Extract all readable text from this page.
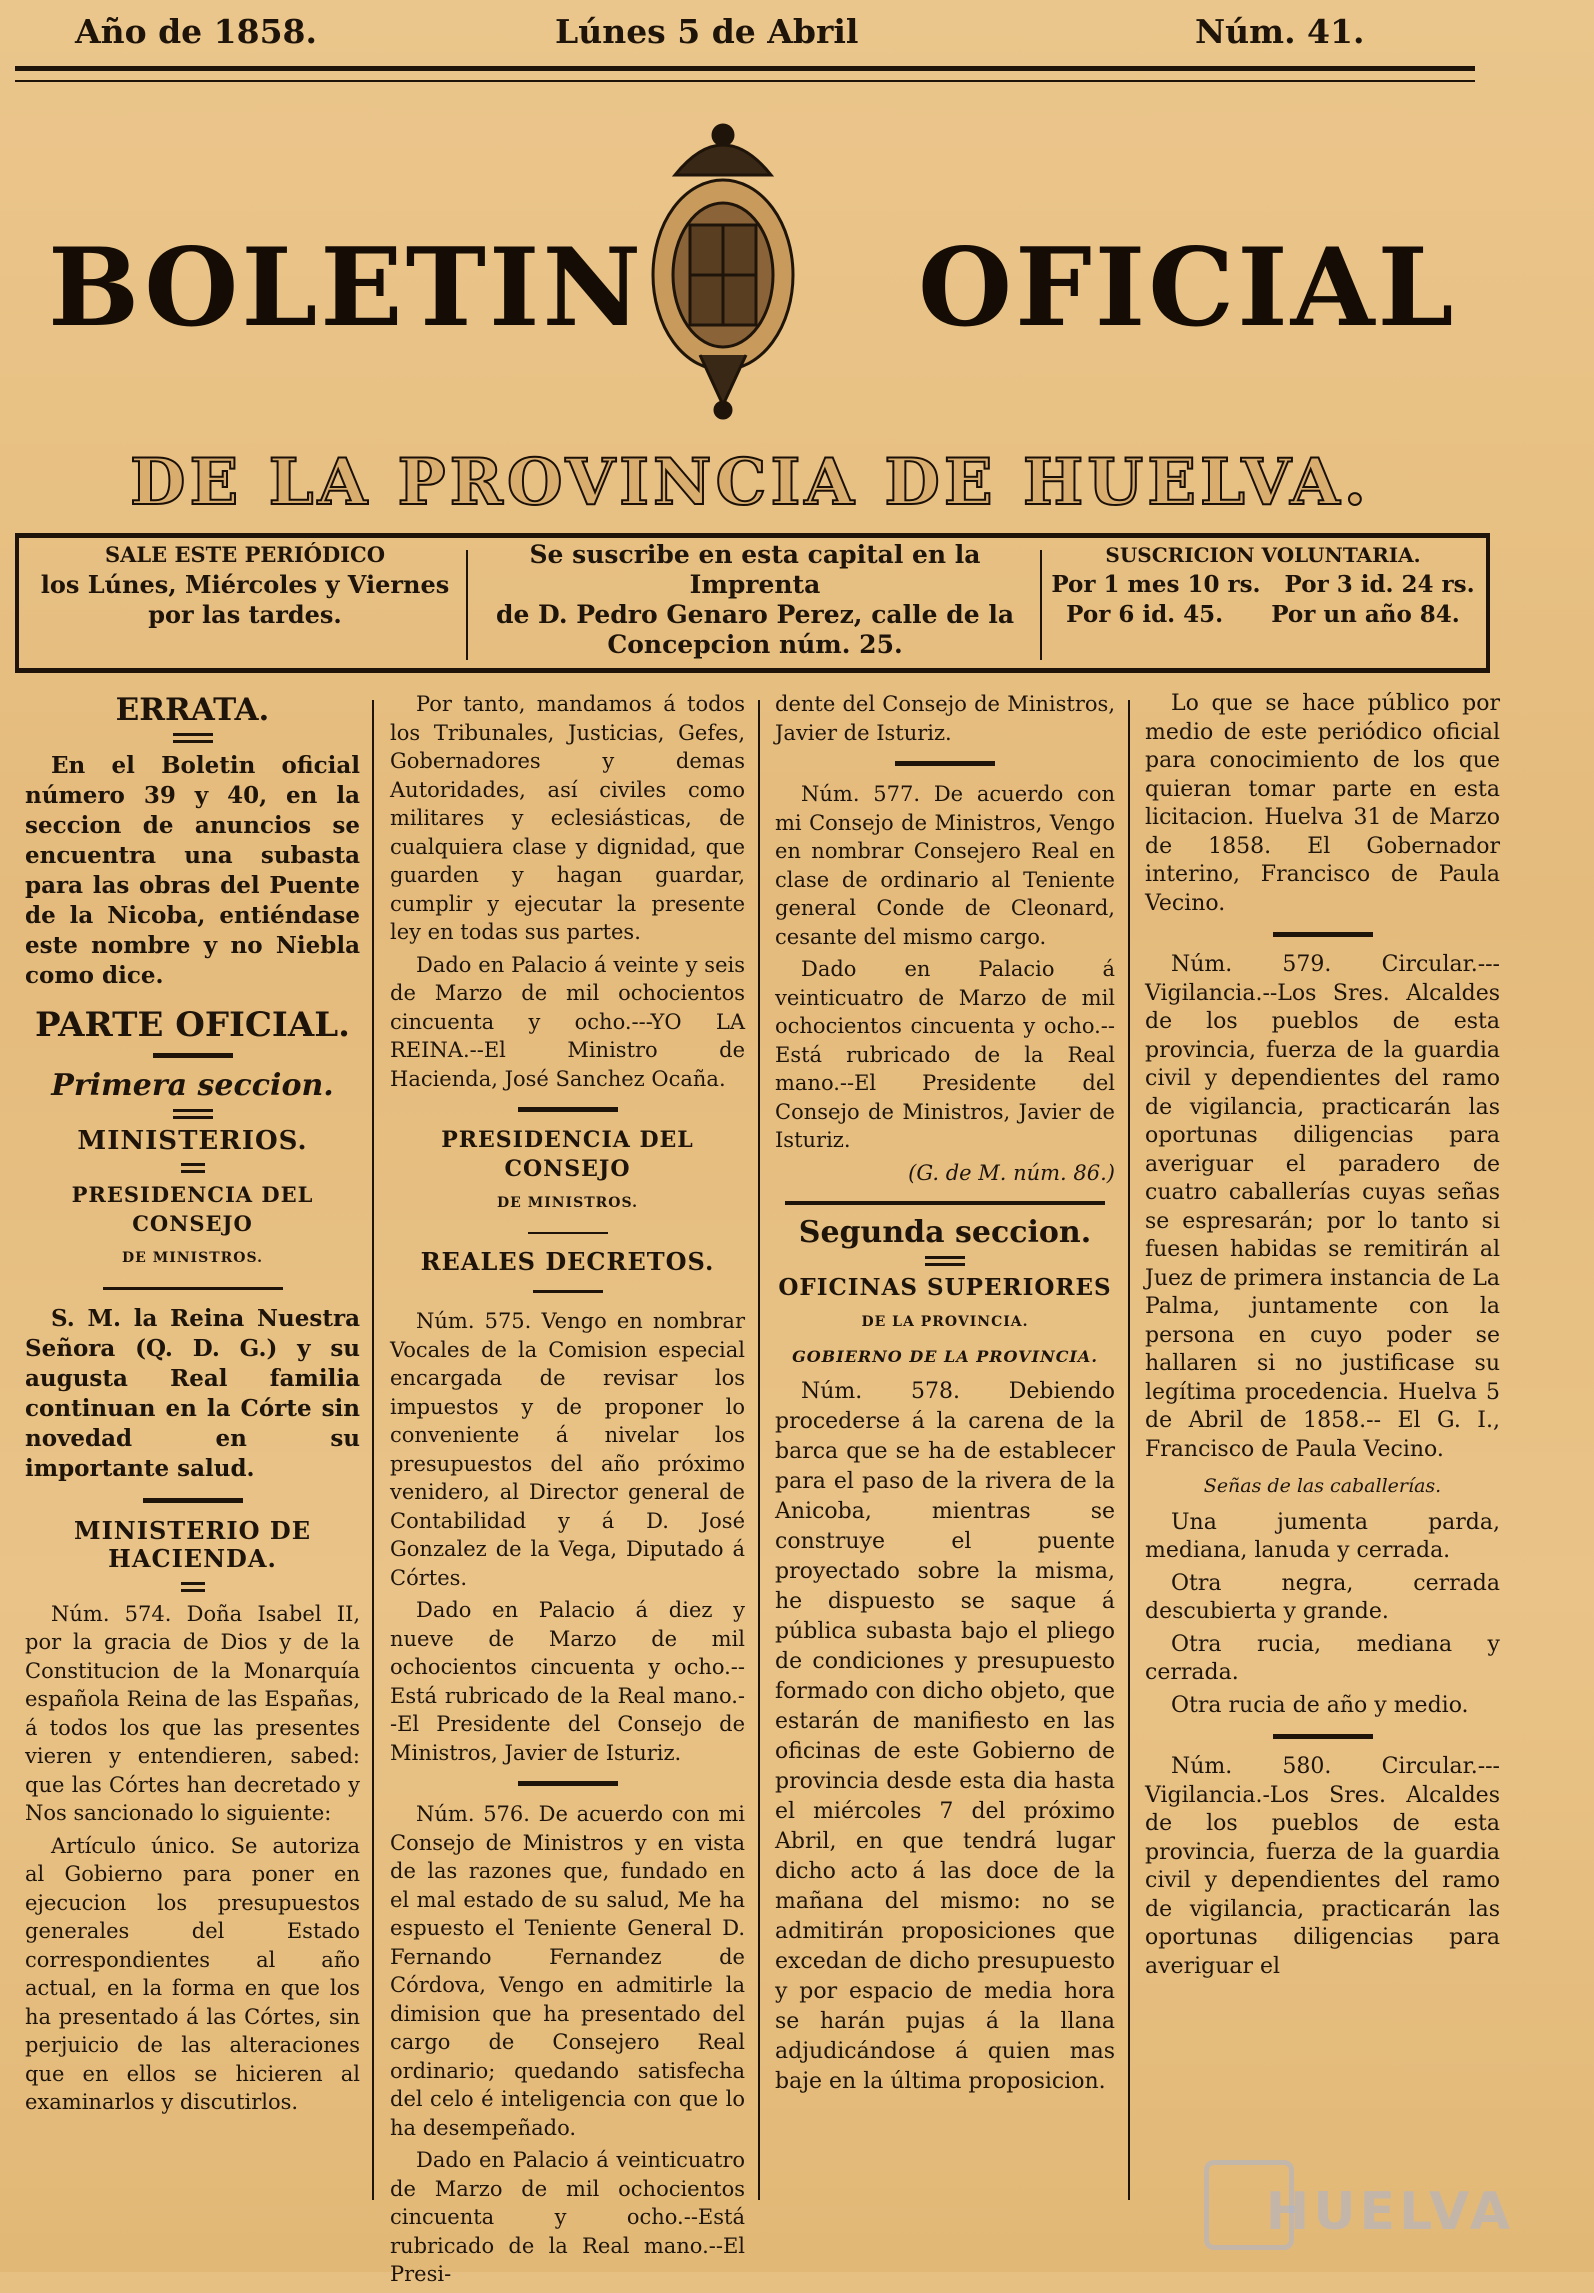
Año de 1858.	Lúnes 5 de Abril	Núm. 41.
BOLETIN	OFICIAL
DE LA PROVINCIA DE HUELVA.
SALE ESTE PERIÓDICO
los Lúnes, Miércoles y Viernes
por las tardes.
Se suscribe en esta capital en la Imprenta
de D. Pedro Genaro Perez, calle de la
Concepcion núm. 25.
SUSCRICION VOLUNTARIA.
Por 1 mes 10 rs.   Por 3 id. 24 rs.
Por 6 id. 45.      Por un año 84.
ERRATA.

En el Boletin oficial número 39 y 40, en la seccion de anuncios se encuentra una subasta para las obras del Puente de la Nicoba, entiéndase este nombre y no Niebla como dice.

PARTE OFICIAL.
Primera seccion.
MINISTERIOS.
PRESIDENCIA DEL CONSEJO
DE MINISTROS.

S. M. la Reina Nuestra Señora (Q. D. G.) y su augusta Real familia continuan en la Córte sin novedad en su importante salud.

MINISTERIO DE HACIENDA.

Núm. 574. Doña Isabel II, por la gracia de Dios y de la Constitucion de la Monarquía española Reina de las Españas, á todos los que las presentes vieren y entendieren, sabed: que las Córtes han decretado y Nos sancionado lo siguiente:

Artículo único. Se autoriza al Gobierno para poner en ejecucion los presupuestos generales del Estado correspondientes al año actual, en la forma en que los ha presentado á las Córtes, sin perjuicio de las alteraciones que en ellos se hicieren al examinarlos y discutirlos.

Por tanto, mandamos á todos los Tribunales, Justicias, Gefes, Gobernadores y demas Autoridades, así civiles como militares y eclesiásticas, de cualquiera clase y dignidad, que guarden y hagan guardar, cumplir y ejecutar la presente ley en todas sus partes.

Dado en Palacio á veinte y seis de Marzo de mil ochocientos cincuenta y ocho.---YO LA REINA.--El Ministro de Hacienda, José Sanchez Ocaña.

PRESIDENCIA DEL CONSEJO
DE MINISTROS.
REALES DECRETOS.

Núm. 575. Vengo en nombrar Vocales de la Comision especial encargada de revisar los impuestos y de proponer lo conveniente á nivelar los presupuestos del año próximo venidero, al Director general de Contabilidad y á D. José Gonzalez de la Vega, Diputado á Córtes.

Dado en Palacio á diez y nueve de Marzo de mil ochocientos cincuenta y ocho.--Está rubricado de la Real mano.--El Presidente del Consejo de Ministros, Javier de Isturiz.

Núm. 576. De acuerdo con mi Consejo de Ministros y en vista de las razones que, fundado en el mal estado de su salud, Me ha espuesto el Teniente General D. Fernando Fernandez de Córdova, Vengo en admitirle la dimision que ha presentado del cargo de Consejero Real ordinario; quedando satisfecha del celo é inteligencia con que lo ha desempeñado.

Dado en Palacio á veinticuatro de Marzo de mil ochocientos cincuenta y ocho.--Está rubricado de la Real mano.--El Presi-

dente del Consejo de Ministros, Javier de Isturiz.

Núm. 577. De acuerdo con mi Consejo de Ministros, Vengo en nombrar Consejero Real en clase de ordinario al Teniente general Conde de Cleonard, cesante del mismo cargo.

Dado en Palacio á veinticuatro de Marzo de mil ochocientos cincuenta y ocho.--Está rubricado de la Real mano.--El Presidente del Consejo de Ministros, Javier de Isturiz.

(G. de M. núm. 86.)
Segunda seccion.
OFICINAS SUPERIORES
DE LA PROVINCIA.
GOBIERNO DE LA PROVINCIA.

Núm. 578. Debiendo procederse á la carena de la barca que se ha de establecer para el paso de la rivera de la Anicoba, mientras se construye el puente proyectado sobre la misma, he dispuesto se saque á pública subasta bajo el pliego de condiciones y presupuesto formado con dicho objeto, que estarán de manifiesto en las oficinas de este Gobierno de provincia desde esta dia hasta el miércoles 7 del próximo Abril, en que tendrá lugar dicho acto á las doce de la mañana del mismo: no se admitirán proposiciones que excedan de dicho presupuesto y por espacio de media hora se harán pujas á la llana adjudicándose á quien mas baje en la última proposicion.

Lo que se hace público por medio de este periódico oficial para conocimiento de los que quieran tomar parte en esta licitacion. Huelva 31 de Marzo de 1858. El Gobernador interino, Francisco de Paula Vecino.

Núm. 579. Circular.--- Vigilancia.--Los Sres. Alcaldes de los pueblos de esta provincia, fuerza de la guardia civil y dependientes del ramo de vigilancia, practicarán las oportunas diligencias para averiguar el paradero de cuatro caballerías cuyas señas se espresarán; por lo tanto si fuesen habidas se remitirán al Juez de primera instancia de La Palma, juntamente con la persona en cuyo poder se hallaren si no justificase su legítima procedencia. Huelva 5 de Abril de 1858.-- El G. I., Francisco de Paula Vecino.

Señas de las caballerías.

Una jumenta parda, mediana, lanuda y cerrada.

Otra negra, cerrada descubierta y grande.

Otra rucia, mediana y cerrada.

Otra rucia de año y medio.

Núm. 580. Circular.--- Vigilancia.-Los Sres. Alcaldes de los pueblos de esta provincia, fuerza de la guardia civil y dependientes del ramo de vigilancia, practicarán las oportunas diligencias para averiguar el

HUELVA
